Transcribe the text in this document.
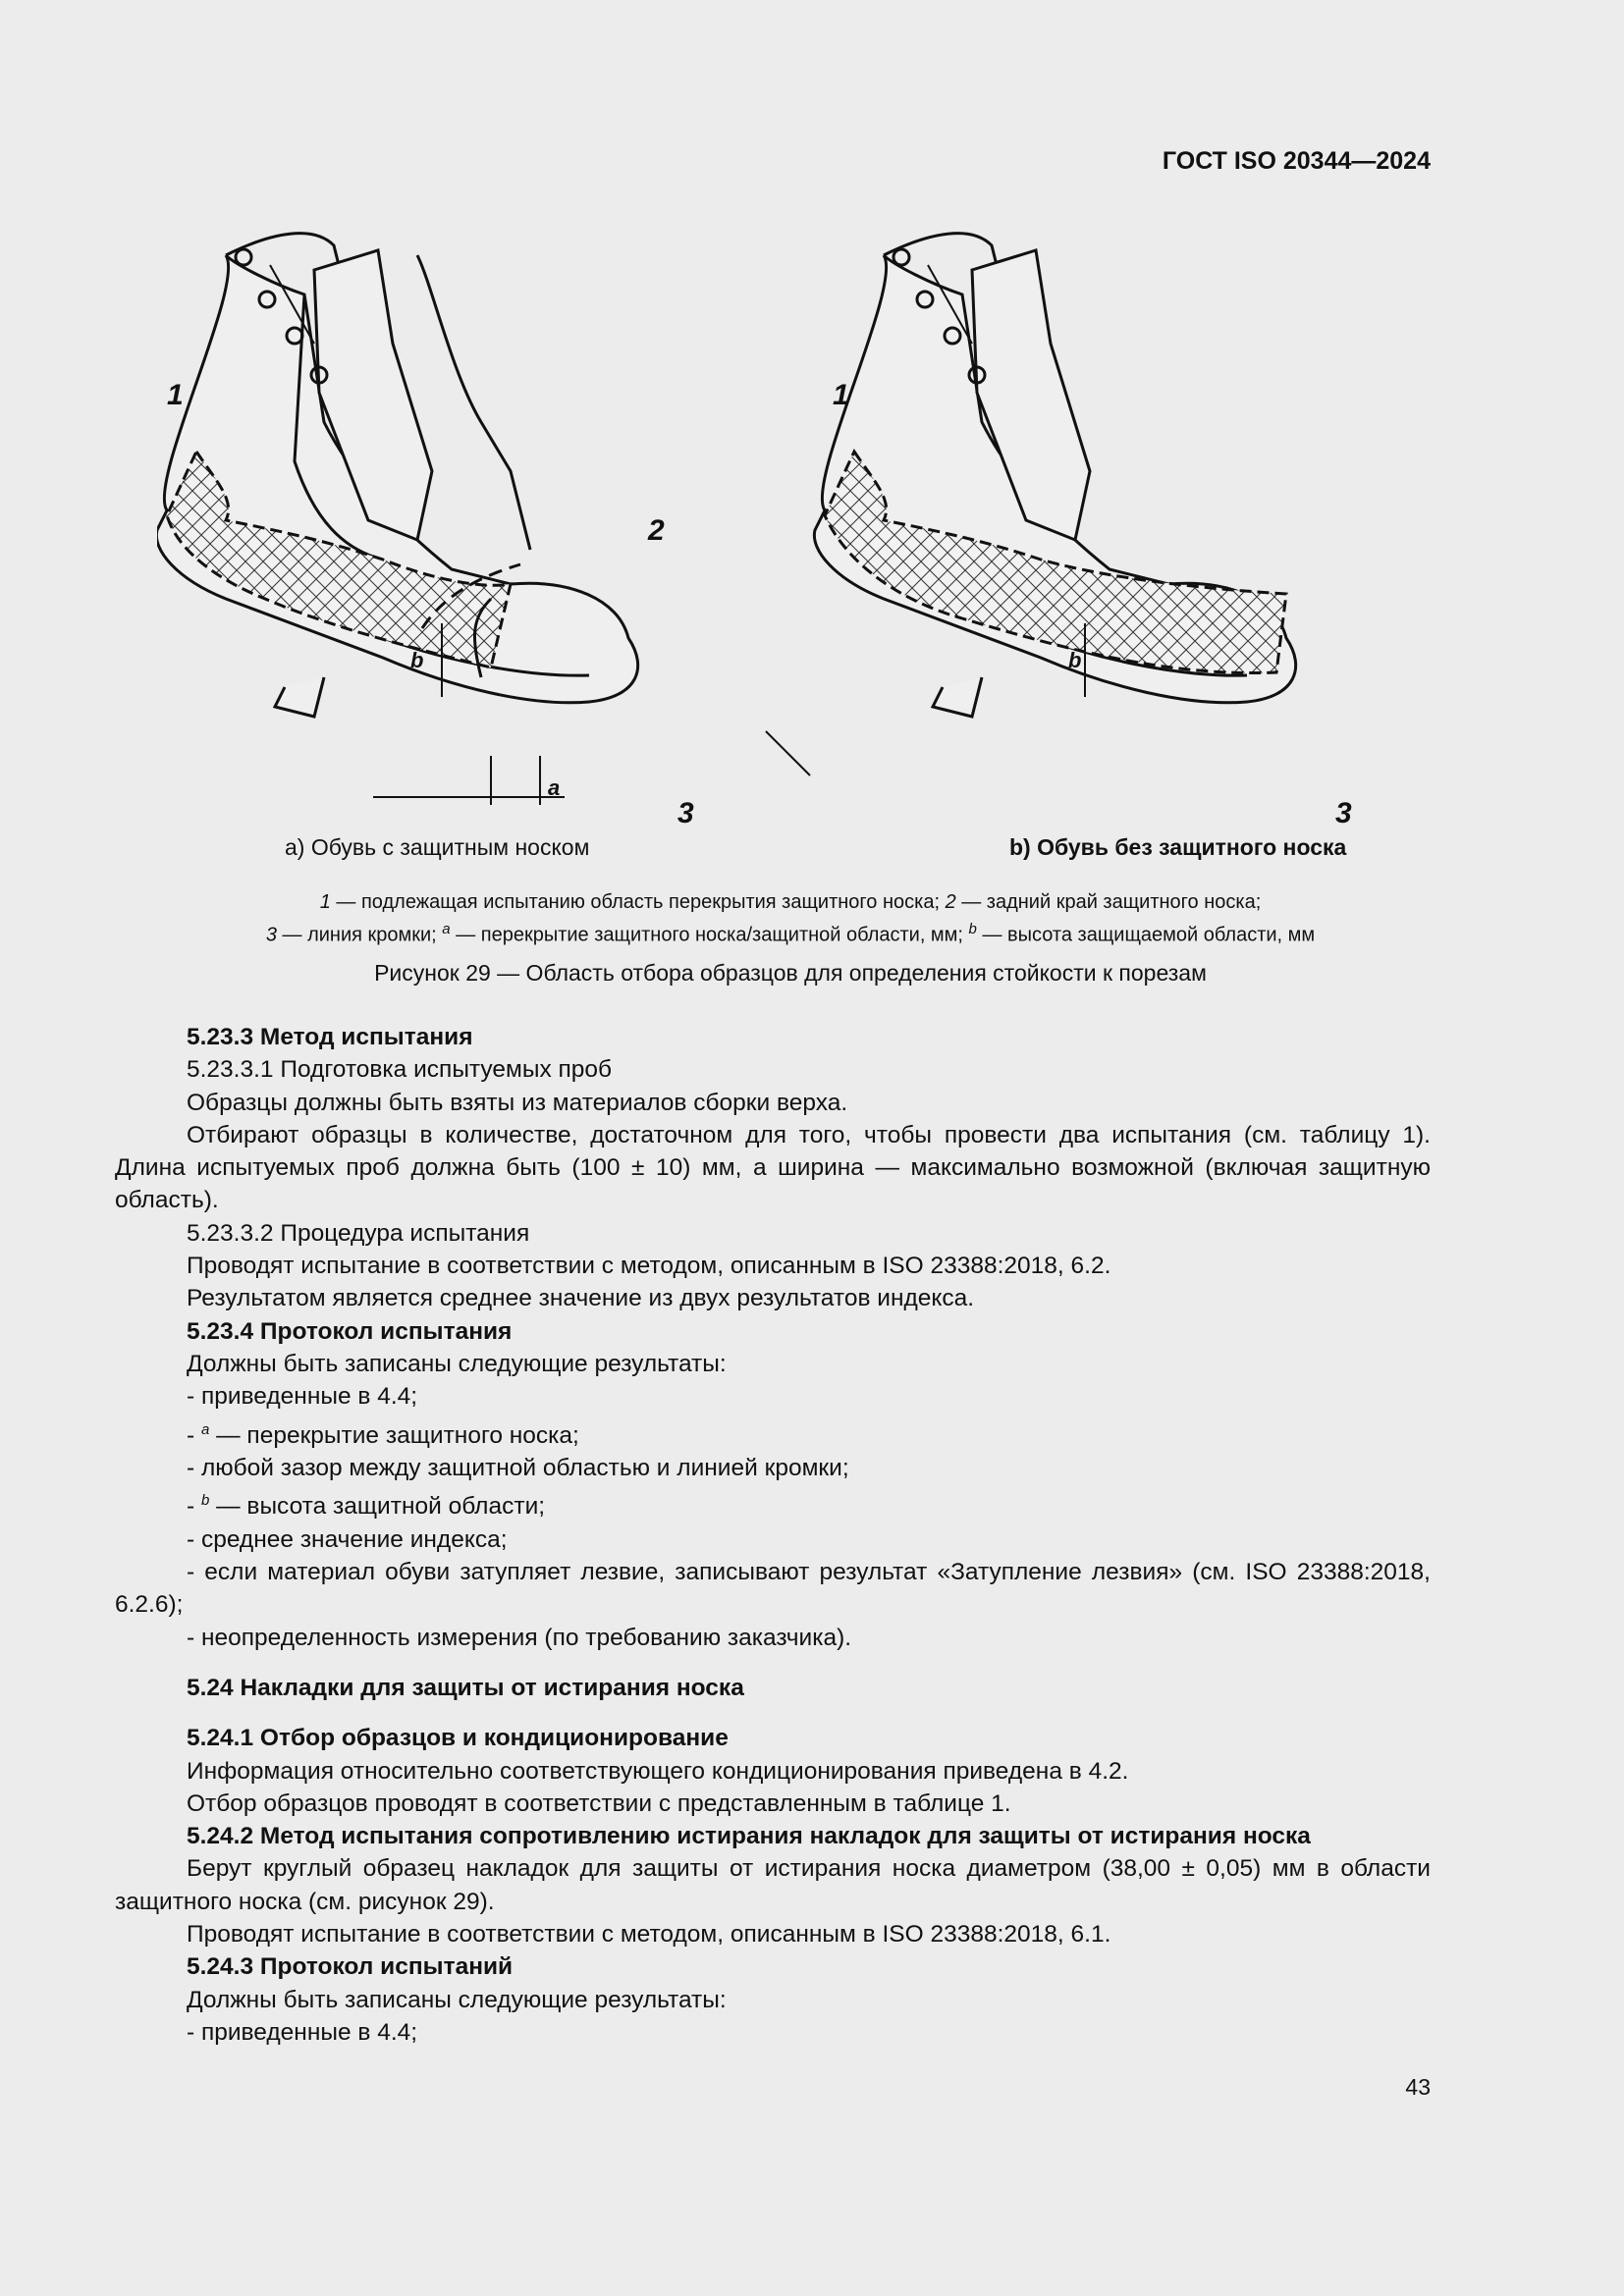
ГОСТ ISO 20344—2024
1
2
3
1
3
b
a
b
а) Обувь с защитным носком	b) Обувь без защитного носка
1 — подлежащая испытанию область перекрытия защитного носка; 2 — задний край защитного носка;
3 — линия кромки; $^a$ — перекрытие защитного носка/защитной области, мм; $^b$ — высота защищаемой области, мм
Рисунок 29 — Область отбора образцов для определения стойкости к порезам
5.23.3 Метод испытания
5.23.3.1 Подготовка испытуемых проб
Образцы должны быть взяты из материалов сборки верха.
Отбирают образцы в количестве, достаточном для того, чтобы провести два испытания (см. таблицу 1). Длина испытуемых проб должна быть (100 ± 10) мм, а ширина — максимально возможной (включая защитную область).
5.23.3.2 Процедура испытания
Проводят испытание в соответствии с методом, описанным в ISO 23388:2018, 6.2.
Результатом является среднее значение из двух результатов индекса.
5.23.4 Протокол испытания
Должны быть записаны следующие результаты:
- приведенные в 4.4;
- $^a$ — перекрытие защитного носка;
- любой зазор между защитной областью и линией кромки;
- $^b$ — высота защитной области;
- среднее значение индекса;
- если материал обуви затупляет лезвие, записывают результат «Затупление лезвия» (см. ISO 23388:2018, 6.2.6);
- неопределенность измерения (по требованию заказчика).
5.24 Накладки для защиты от истирания носка
5.24.1 Отбор образцов и кондиционирование
Информация относительно соответствующего кондиционирования приведена в 4.2.
Отбор образцов проводят в соответствии с представленным в таблице 1.
5.24.2 Метод испытания сопротивлению истирания накладок для защиты от истирания носка
Берут круглый образец накладок для защиты от истирания носка диаметром (38,00 ± 0,05) мм в области защитного носка (см. рисунок 29).
Проводят испытание в соответствии с методом, описанным в ISO 23388:2018, 6.1.
5.24.3 Протокол испытаний
Должны быть записаны следующие результаты:
- приведенные в 4.4;
43
